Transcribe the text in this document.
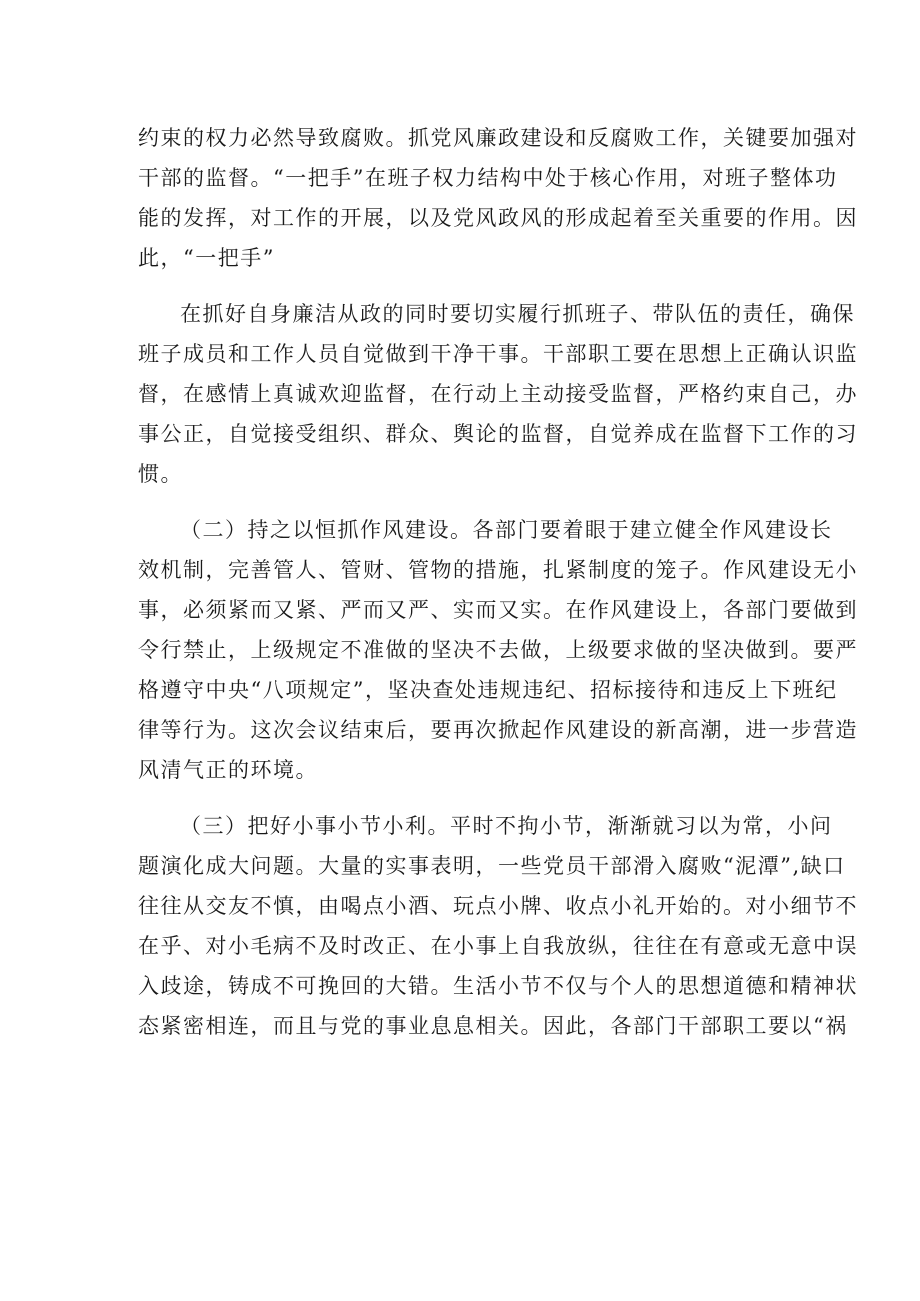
约束的权力必然导致腐败。抓党风廉政建设和反腐败工作，关键要加强对
干部的监督。“一把手”在班子权力结构中处于核心作用，对班子整体功
能的发挥，对工作的开展，以及党风政风的形成起着至关重要的作用。因
此，“一把手”
在抓好自身廉洁从政的同时要切实履行抓班子、带队伍的责任，确保
班子成员和工作人员自觉做到干净干事。干部职工要在思想上正确认识监
督，在感情上真诚欢迎监督，在行动上主动接受监督，严格约束自己，办
事公正，自觉接受组织、群众、舆论的监督，自觉养成在监督下工作的习
惯。
（二）持之以恒抓作风建设。各部门要着眼于建立健全作风建设长
效机制，完善管人、管财、管物的措施，扎紧制度的笼子。作风建设无小
事，必须紧而又紧、严而又严、实而又实。在作风建设上，各部门要做到
令行禁止，上级规定不准做的坚决不去做，上级要求做的坚决做到。要严
格遵守中央“八项规定”，坚决查处违规违纪、招标接待和违反上下班纪
律等行为。这次会议结束后，要再次掀起作风建设的新高潮，进一步营造
风清气正的环境。
（三）把好小事小节小利。平时不拘小节，渐渐就习以为常，小问
题演化成大问题。大量的实事表明，一些党员干部滑入腐败“泥潭”,缺口
往往从交友不慎，由喝点小酒、玩点小牌、收点小礼开始的。对小细节不
在乎、对小毛病不及时改正、在小事上自我放纵，往往在有意或无意中误
入歧途，铸成不可挽回的大错。生活小节不仅与个人的思想道德和精神状
态紧密相连，而且与党的事业息息相关。因此，各部门干部职工要以“祸
